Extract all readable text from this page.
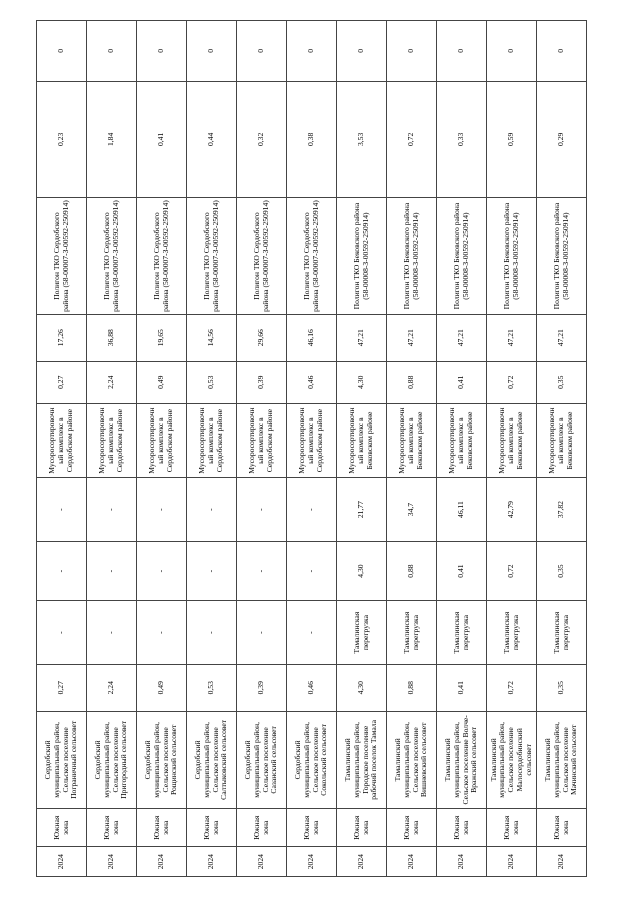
2024	Южная зона	Сердобский муниципальный район, Сельское поселение Пограничный сельсовет	0,27	-	-	-	Мусоросортировочный комплекс в Сердобском районе	0,27	17,26	Полигон ТКО Сердобского района (58-00007-З-00592-250914)	0,23	0
2024	Южная зона	Сердобский муниципальный район, Сельское поселение Пригородный сельсовет	2,24	-	-	-	Мусоросортировочный комплекс в Сердобском районе	2,24	36,88	Полигон ТКО Сердобского района (58-00007-З-00592-250914)	1,84	0
2024	Южная зона	Сердобский муниципальный район, Сельское поселение Рощинский сельсовет	0,49	-	-	-	Мусоросортировочный комплекс в Сердобском районе	0,49	19,65	Полигон ТКО Сердобского района (58-00007-З-00592-250914)	0,41	0
2024	Южная зона	Сердобский муниципальный район, Сельское поселение Салтыковский сельсовет	0,53	-	-	-	Мусоросортировочный комплекс в Сердобском районе	0,53	14,56	Полигон ТКО Сердобского района (58-00007-З-00592-250914)	0,44	0
2024	Южная зона	Сердобский муниципальный район, Сельское поселение Сазанский сельсовет	0,39	-	-	-	Мусоросортировочный комплекс в Сердобском районе	0,39	29,66	Полигон ТКО Сердобского района (58-00007-З-00592-250914)	0,32	0
2024	Южная зона	Сердобский муниципальный район, Сельское поселение Сокольский сельсовет	0,46	-	-	-	Мусоросортировочный комплекс в Сердобском районе	0,46	46,16	Полигон ТКО Сердобского района (58-00007-З-00592-250914)	0,38	0
2024	Южная зона	Тамалинский муниципальный район, Городское поселение рабочий поселок Тамала	4,30	Тамалинская перегрузка	4,30	21,77	Мусоросортировочный комплекс в Бековском районе	4,30	47,21	Полигон ТКО Бековского района (58-00008-З-00592-250914)	3,53	0
2024	Южная зона	Тамалинский муниципальный район, Сельское поселение Вишневский сельсовет	0,88	Тамалинская перегрузка	0,88	34,7	Мусоросортировочный комплекс в Бековском районе	0,88	47,21	Полигон ТКО Бековского района (58-00008-З-00592-250914)	0,72	0
2024	Южная зона	Тамалинский муниципальный район, Сельское поселение Волче-Вражский сельсовет	0,41	Тамалинская перегрузка	0,41	46,11	Мусоросортировочный комплекс в Бековском районе	0,41	47,21	Полигон ТКО Бековского района (58-00008-З-00592-250914)	0,33	0
2024	Южная зона	Тамалинский муниципальный район, Сельское поселение Малосердобинский сельсовет	0,72	Тамалинская перегрузка	0,72	42,79	Мусоросортировочный комплекс в Бековском районе	0,72	47,21	Полигон ТКО Бековского района (58-00008-З-00592-250914)	0,59	0
2024	Южная зона	Тамалинский муниципальный район, Сельское поселение Мачинский сельсовет	0,35	Тамалинская перегрузка	0,35	37,82	Мусоросортировочный комплекс в Бековском районе	0,35	47,21	Полигон ТКО Бековского района (58-00008-З-00592-250914)	0,29	0
